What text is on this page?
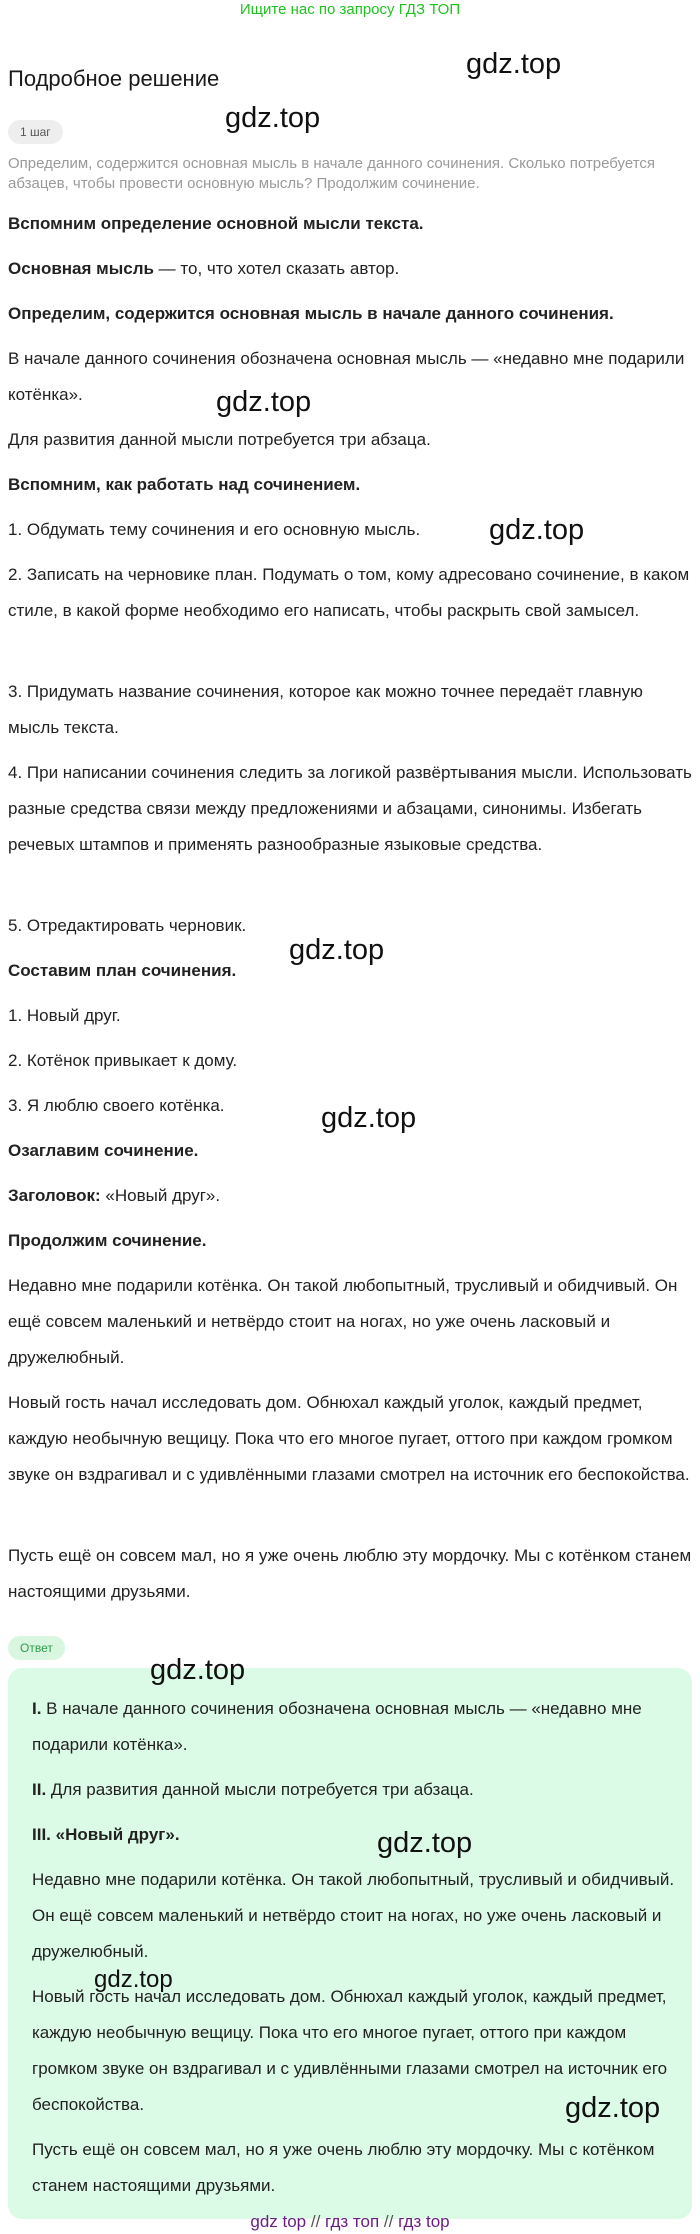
Ищите нас по запросу ГДЗ ТОП
Подробное решение
1 шаг
Определим, содержится основная мысль в начале данного сочинения. Сколько потребуется абзацев, чтобы провести основную мысль? Продолжим сочинение.
Вспомним определение основной мысли текста.
Основная мысль — то, что хотел сказать автор.
Определим, содержится основная мысль в начале данного сочинения.
В начале данного сочинения обозначена основная мысль — «недавно мне подарили котёнка».
Для развития данной мысли потребуется три абзаца.
Вспомним, как работать над сочинением.
1. Обдумать тему сочинения и его основную мысль.
2. Записать на черновике план. Подумать о том, кому адресовано сочинение, в каком стиле, в какой форме необходимо его написать, чтобы раскрыть свой замысел.
3. Придумать название сочинения, которое как можно точнее передаёт главную мысль текста.
4. При написании сочинения следить за логикой развёртывания мысли. Использовать разные средства связи между предложениями и абзацами, синонимы. Избегать речевых штампов и применять разнообразные языковые средства.
5. Отредактировать черновик.
Составим план сочинения.
1. Новый друг.
2. Котёнок привыкает к дому.
3. Я люблю своего котёнка.
Озаглавим сочинение.
Заголовок: «Новый друг».
Продолжим сочинение.
Недавно мне подарили котёнка. Он такой любопытный, трусливый и обидчивый. Он ещё совсем маленький и нетвёрдо стоит на ногах, но уже очень ласковый и дружелюбный.
Новый гость начал исследовать дом. Обнюхал каждый уголок, каждый предмет, каждую необычную вещицу. Пока что его многое пугает, оттого при каждом громком звуке он вздрагивал и с удивлёнными глазами смотрел на источник его беспокойства.
Пусть ещё он совсем мал, но я уже очень люблю эту мордочку. Мы с котёнком станем настоящими друзьями.
Ответ
I. В начале данного сочинения обозначена основная мысль — «недавно мне подарили котёнка».
II. Для развития данной мысли потребуется три абзаца.
III. «Новый друг».
Недавно мне подарили котёнка. Он такой любопытный, трусливый и обидчивый. Он ещё совсем маленький и нетвёрдо стоит на ногах, но уже очень ласковый и дружелюбный.
Новый гость начал исследовать дом. Обнюхал каждый уголок, каждый предмет, каждую необычную вещицу. Пока что его многое пугает, оттого при каждом громком звуке он вздрагивал и с удивлёнными глазами смотрел на источник его беспокойства.
Пусть ещё он совсем мал, но я уже очень люблю эту мордочку. Мы с котёнком станем настоящими друзьями.
gdz.top
gdz.top
gdz.top
gdz.top
gdz.top
gdz.top
gdz.top
gdz.top
gdz.top
gdz.top
gdz top // гдз топ // гдз top
